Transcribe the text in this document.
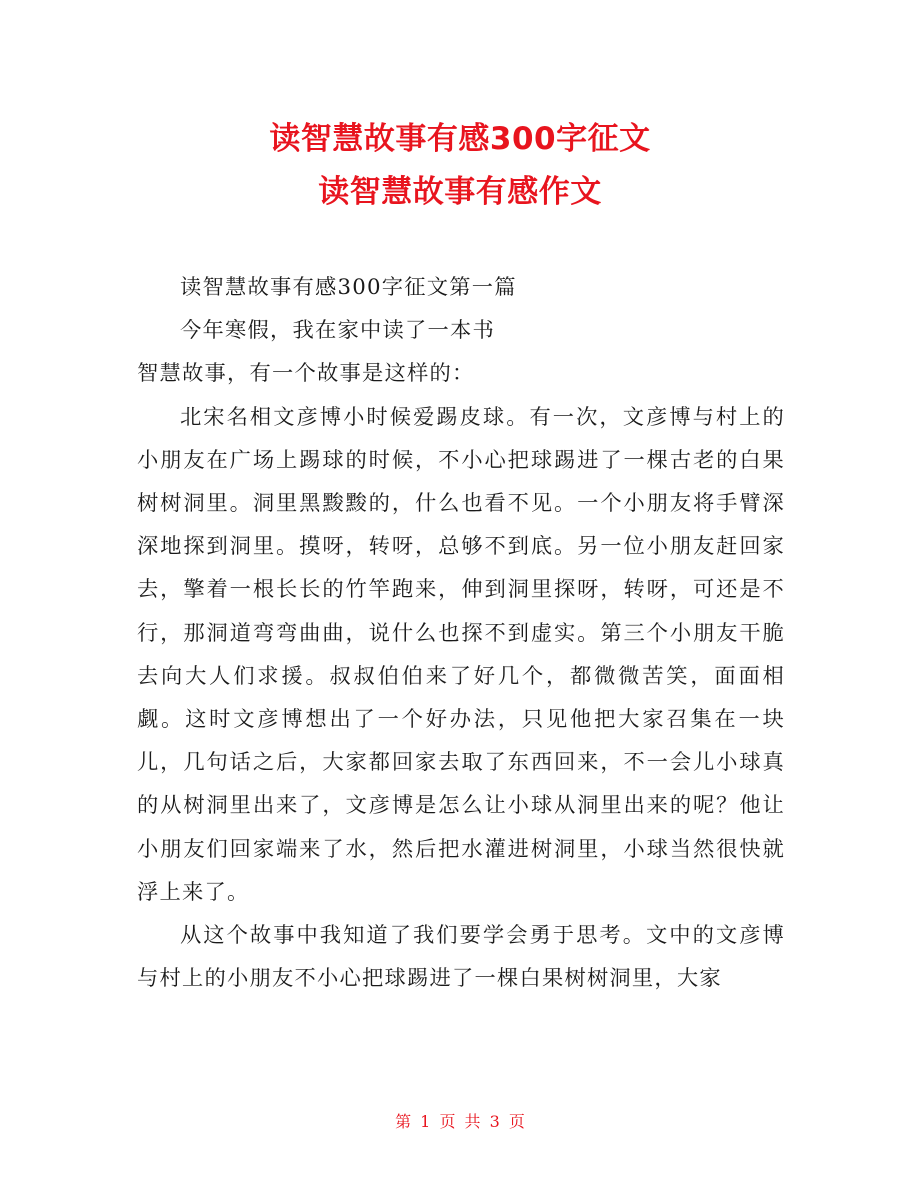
读智慧故事有感300字征文
读智慧故事有感作文

读智慧故事有感300字征文第一篇

今年寒假，我在家中读了一本书

智慧故事，有一个故事是这样的：

北宋名相文彦博小时候爱踢皮球。有一次，文彦博与村上的小朋友在广场上踢球的时候，不小心把球踢进了一棵古老的白果树树洞里。洞里黑黢黢的，什么也看不见。一个小朋友将手臂深深地探到洞里。摸呀，转呀，总够不到底。另一位小朋友赶回家去，擎着一根长长的竹竿跑来，伸到洞里探呀，转呀，可还是不行，那洞道弯弯曲曲，说什么也探不到虚实。第三个小朋友干脆去向大人们求援。叔叔伯伯来了好几个，都微微苦笑，面面相觑。这时文彦博想出了一个好办法，只见他把大家召集在一块儿，几句话之后，大家都回家去取了东西回来，不一会儿小球真的从树洞里出来了，文彦博是怎么让小球从洞里出来的呢？他让小朋友们回家端来了水，然后把水灌进树洞里，小球当然很快就浮上来了。

从这个故事中我知道了我们要学会勇于思考。文中的文彦博与村上的小朋友不小心把球踢进了一棵白果树树洞里，大家

第 1 页 共 3 页
